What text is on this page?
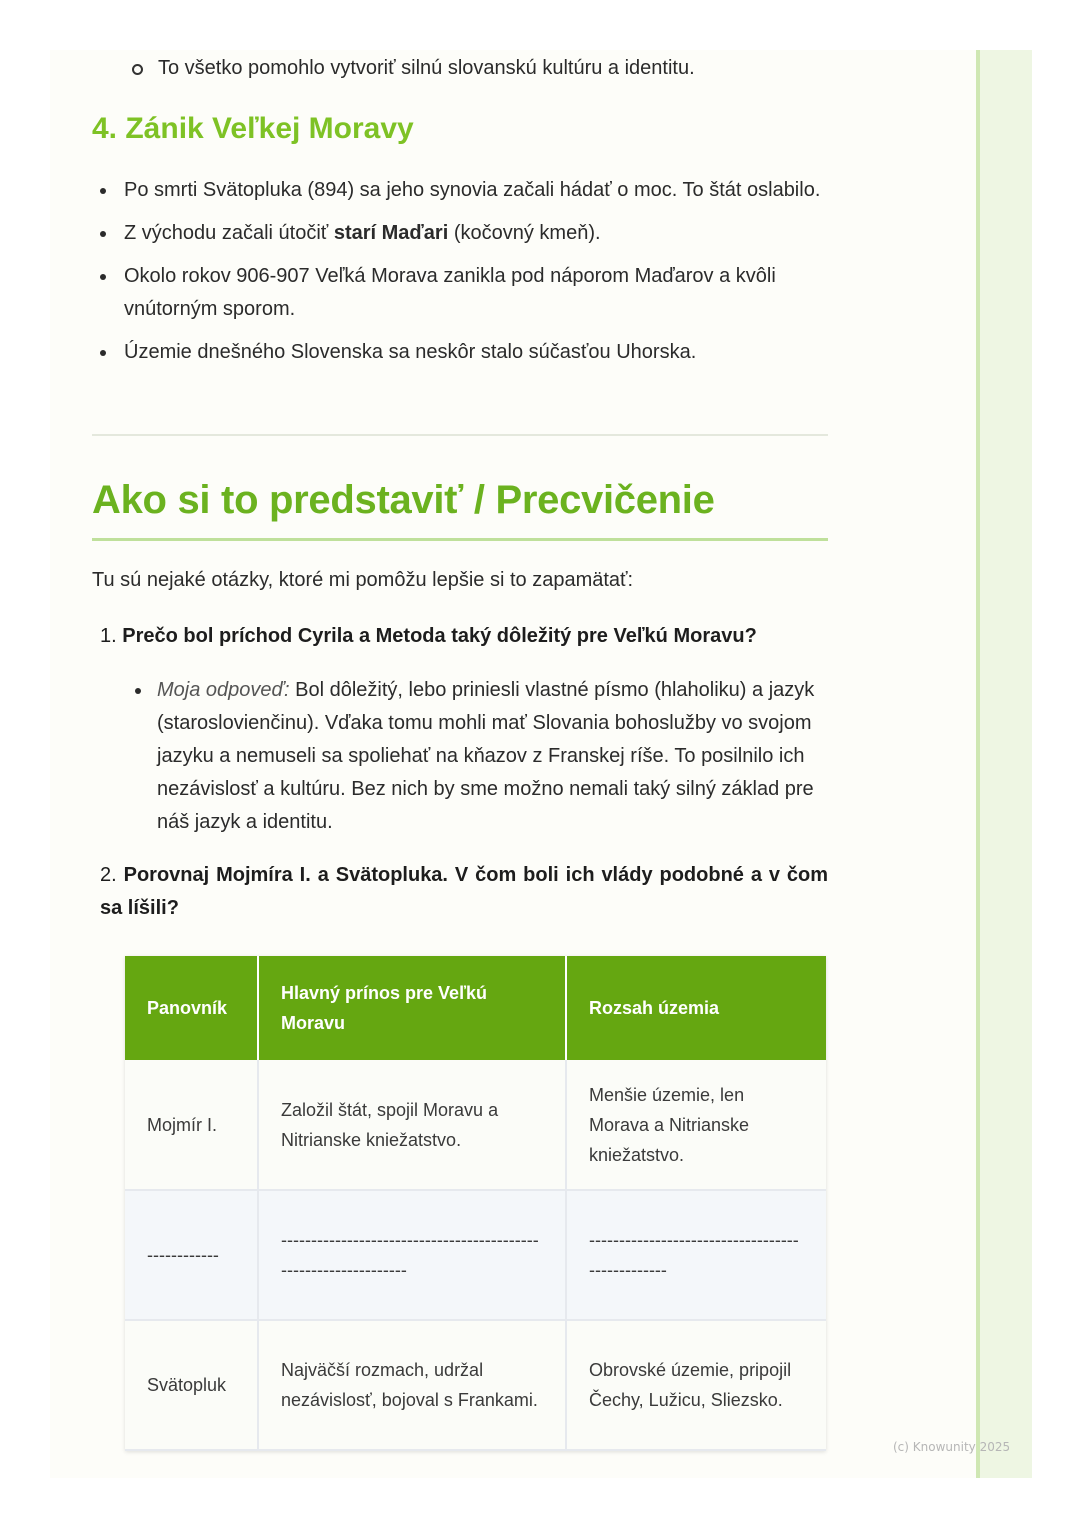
To všetko pomohlo vytvoriť silnú slovanskú kultúru a identitu.
4. Zánik Veľkej Moravy
Po smrti Svätopluka (894) sa jeho synovia začali hádať o moc. To štát oslabilo.
Z východu začali útočiť starí Maďari (kočovný kmeň).
Okolo rokov 906-907 Veľká Morava zanikla pod náporom Maďarov a kvôli vnútorným sporom.
Územie dnešného Slovenska sa neskôr stalo súčasťou Uhorska.
Ako si to predstaviť / Precvičenie
Tu sú nejaké otázky, ktoré mi pomôžu lepšie si to zapamätať:
1. Prečo bol príchod Cyrila a Metoda taký dôležitý pre Veľkú Moravu?
Moja odpoveď: Bol dôležitý, lebo priniesli vlastné písmo (hlaholiku) a jazyk (staroslovienčinu). Vďaka tomu mohli mať Slovania bohoslužby vo svojom jazyku a nemuseli sa spoliehať na kňazov z Franskej ríše. To posilnilo ich nezávislosť a kultúru. Bez nich by sme možno nemali taký silný základ pre náš jazyk a identitu.
2. Porovnaj Mojmíra I. a Svätopluka. V čom boli ich vlády podobné a v čom sa líšili?
Panovník	Hlavný prínos pre Veľkú Moravu	Rozsah územia
Mojmír I.	Založil štát, spojil Moravu a Nitrianske kniežatstvo.	Menšie územie, len Morava a Nitrianske kniežatstvo.
------------	----------------------------------------------------------------	------------------------------------------------
Svätopluk	Najväčší rozmach, udržal nezávislosť, bojoval s Frankami.	Obrovské územie, pripojil Čechy, Lužicu, Sliezsko.
(c) Knowunity 2025
